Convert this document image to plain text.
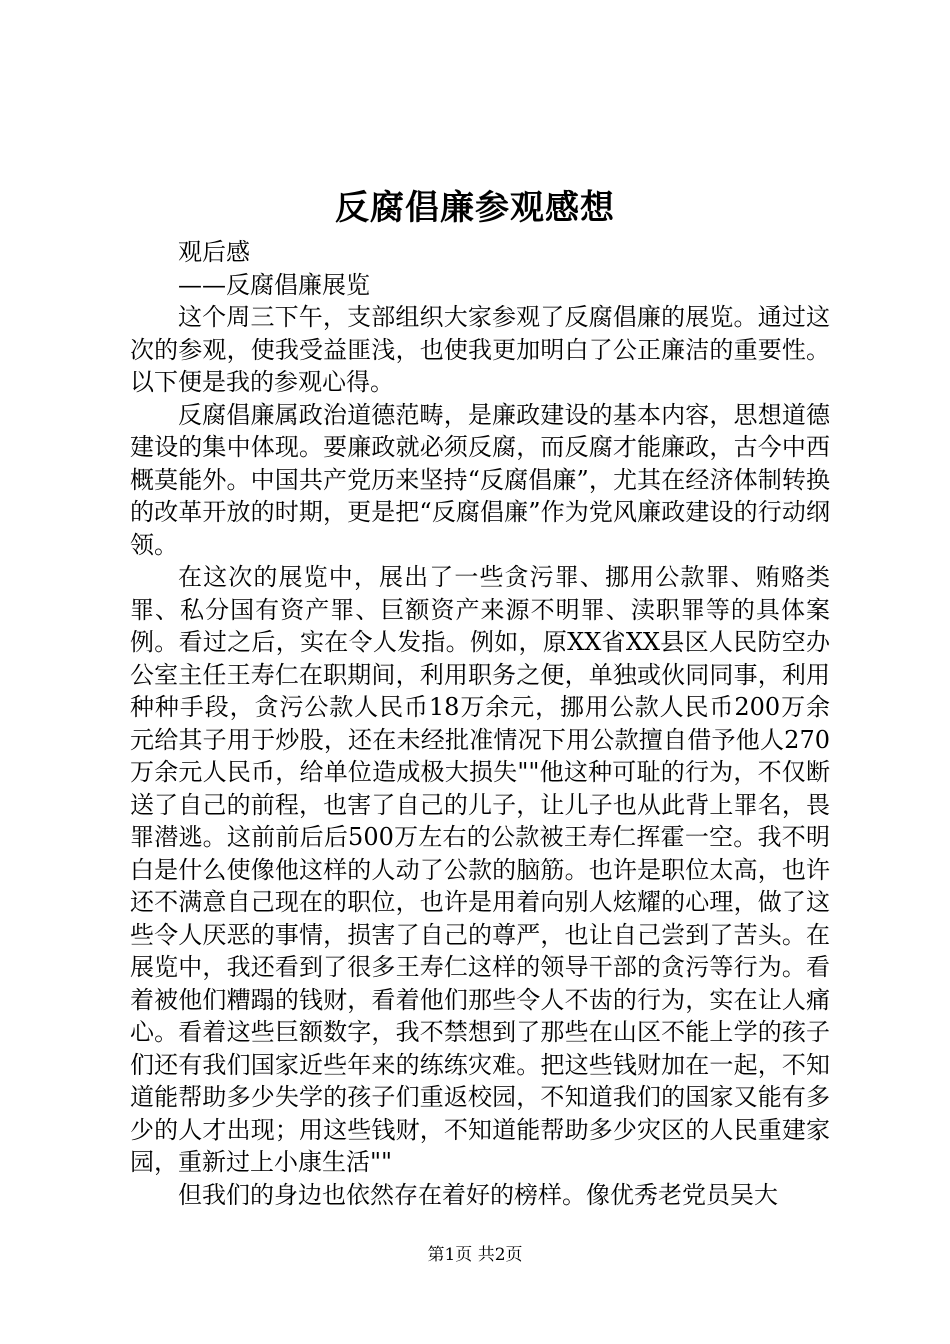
反腐倡廉参观感想
观后感
——反腐倡廉展览

这个周三下午，支部组织大家参观了反腐倡廉的展览。通过这次的参观，使我受益匪浅，也使我更加明白了公正廉洁的重要性。以下便是我的参观心得。

反腐倡廉属政治道德范畴，是廉政建设的基本内容，思想道德建设的集中体现。要廉政就必须反腐，而反腐才能廉政，古今中西概莫能外。中国共产党历来坚持“反腐倡廉”，尤其在经济体制转换的改革开放的时期，更是把“反腐倡廉”作为党风廉政建设的行动纲领。

在这次的展览中，展出了一些贪污罪、挪用公款罪、贿赂类罪、私分国有资产罪、巨额资产来源不明罪、渎职罪等的具体案例。看过之后，实在令人发指。例如，原XX省XX县区人民防空办公室主任王寿仁在职期间，利用职务之便，单独或伙同同事，利用种种手段，贪污公款人民币18万余元，挪用公款人民币200万余元给其子用于炒股，还在未经批准情况下用公款擅自借予他人270万余元人民币，给单位造成极大损失""他这种可耻的行为，不仅断送了自己的前程，也害了自己的儿子，让儿子也从此背上罪名，畏罪潜逃。这前前后后500万左右的公款被王寿仁挥霍一空。我不明白是什么使像他这样的人动了公款的脑筋。也许是职位太高，也许还不满意自己现在的职位，也许是用着向别人炫耀的心理，做了这些令人厌恶的事情，损害了自己的尊严，也让自己尝到了苦头。在展览中，我还看到了很多王寿仁这样的领导干部的贪污等行为。看着被他们糟蹋的钱财，看着他们那些令人不齿的行为，实在让人痛心。看着这些巨额数字，我不禁想到了那些在山区不能上学的孩子们还有我们国家近些年来的练练灾难。把这些钱财加在一起，不知道能帮助多少失学的孩子们重返校园，不知道我们的国家又能有多少的人才出现；用这些钱财，不知道能帮助多少灾区的人民重建家园，重新过上小康生活""

但我们的身边也依然存在着好的榜样。像优秀老党员吴大

第1页 共2页
